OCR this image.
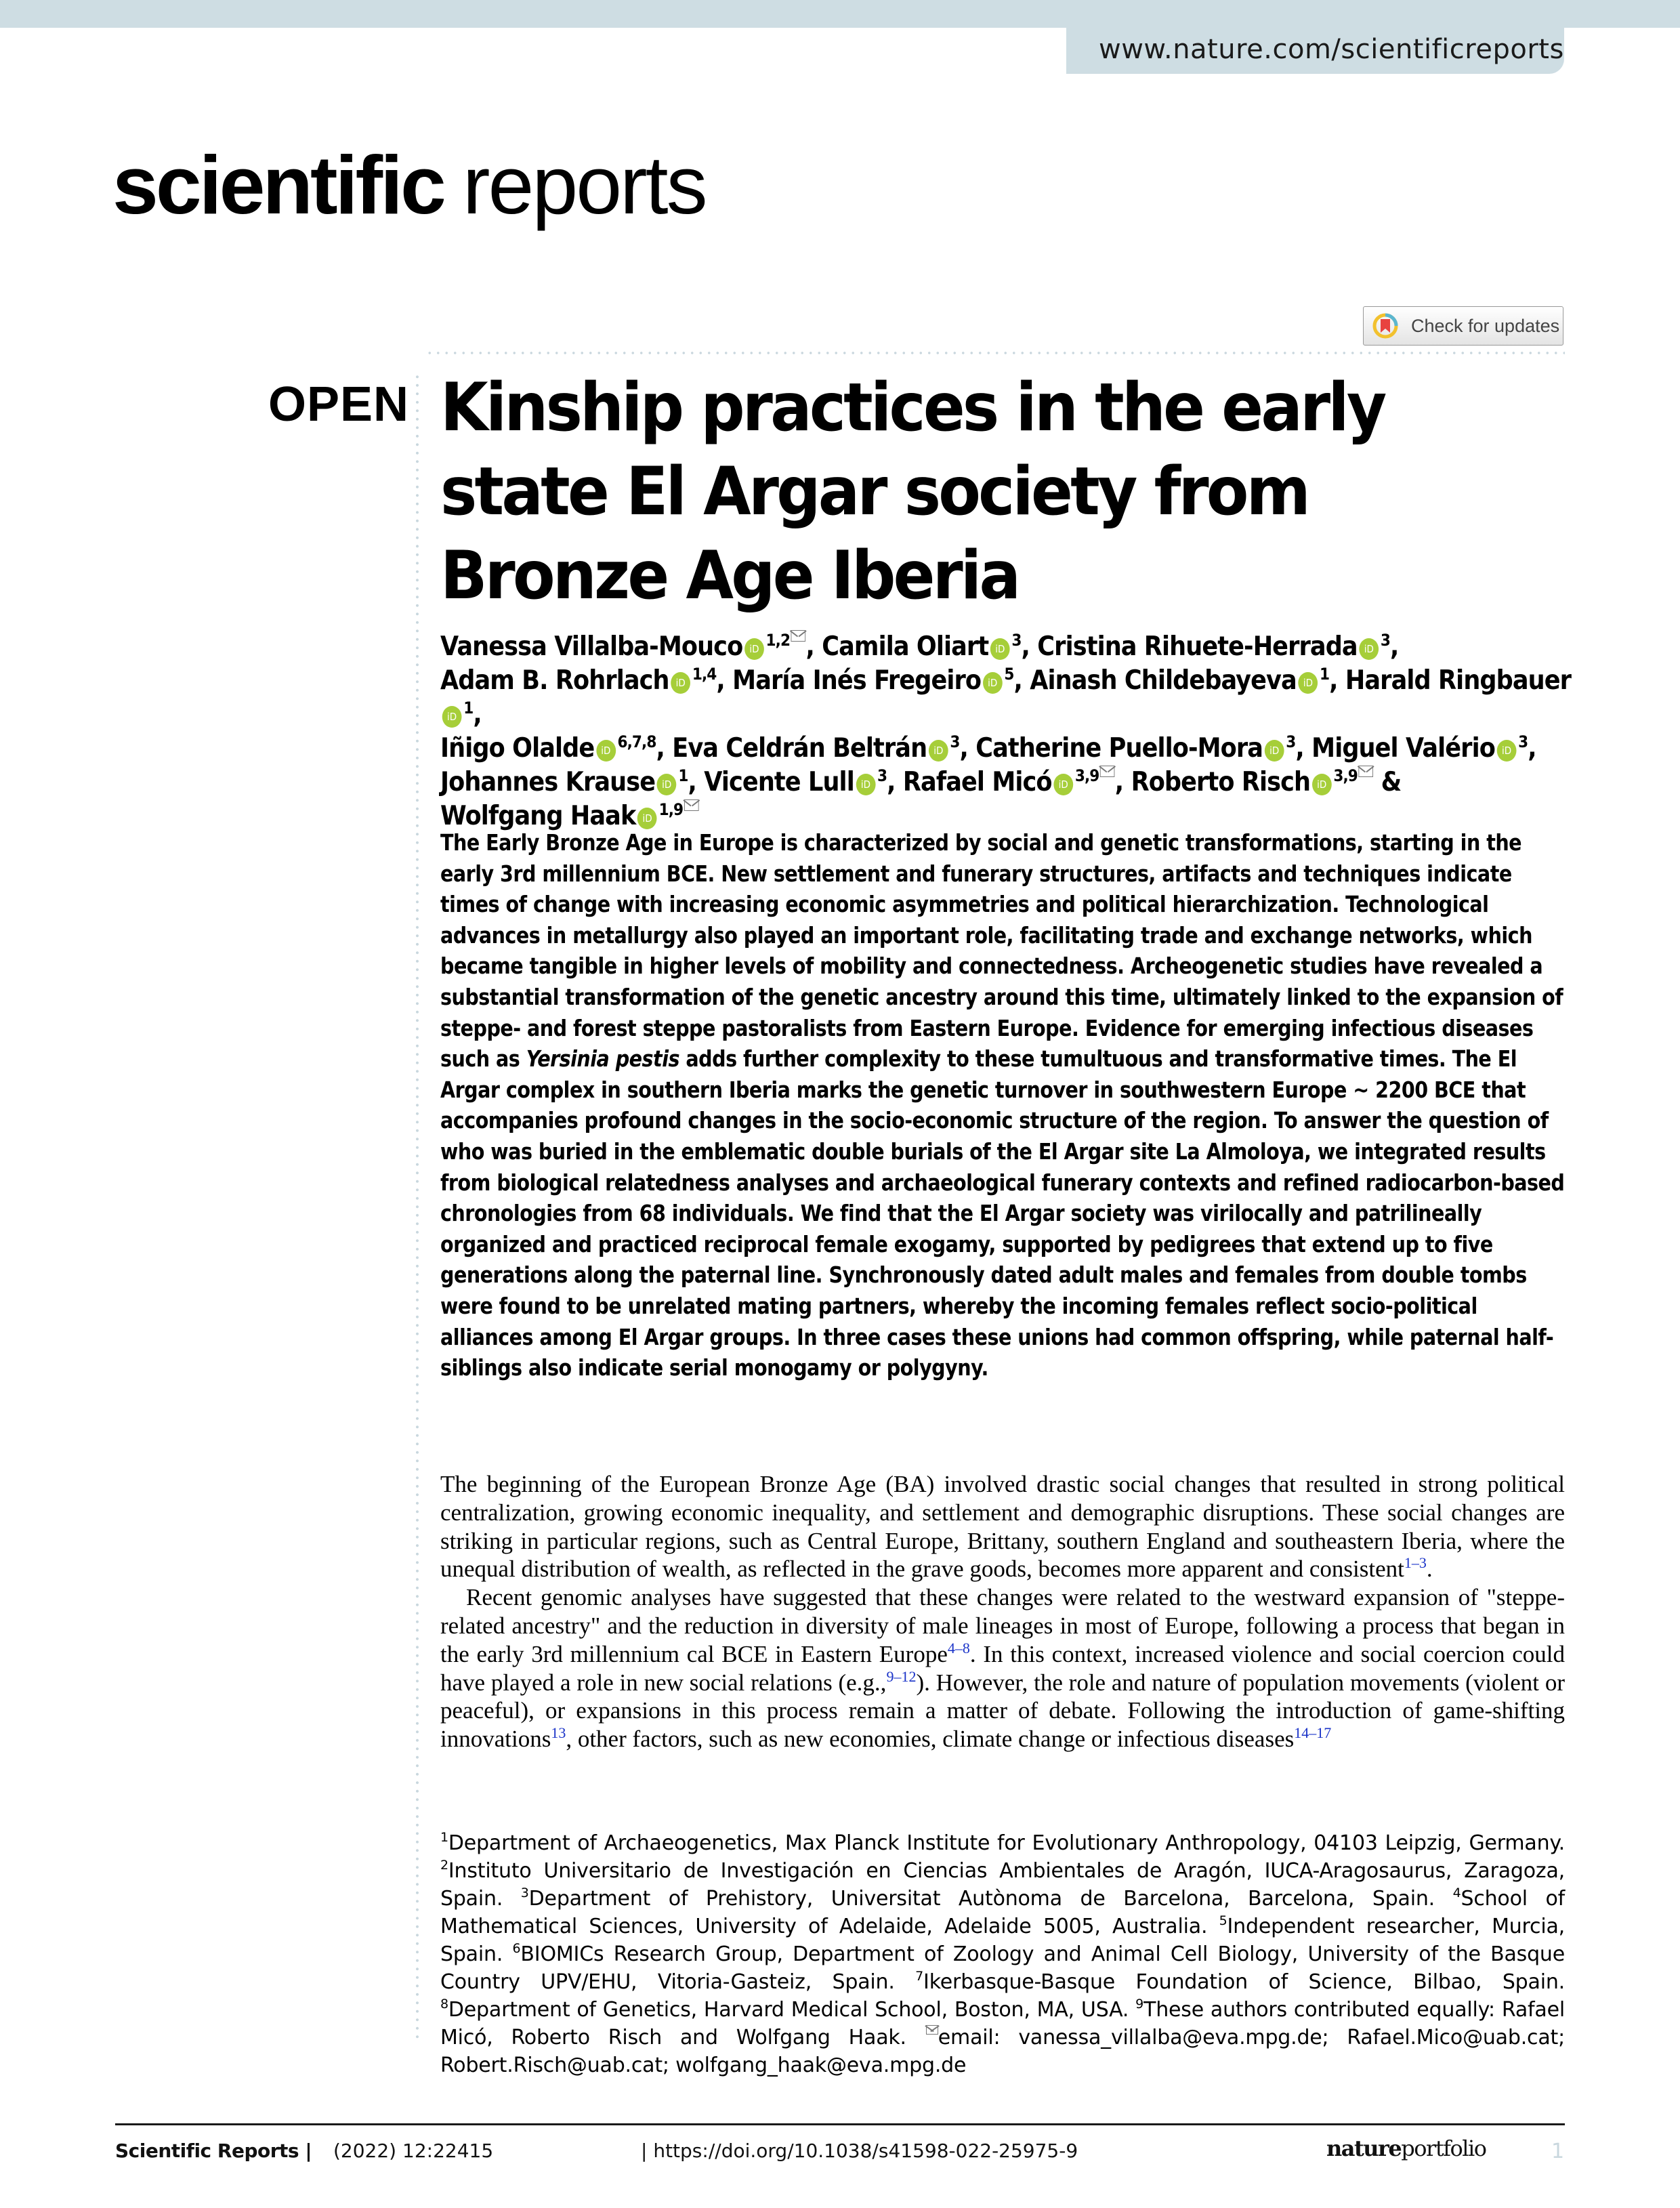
www.nature.com/scientificreports
scientific reports
Check for updates
OPEN Kinship practices in the early state El Argar society from Bronze Age Iberia
Vanessa Villalba-Mouco iD $^{1,2}$ , Camila Oliart iD $^3$, Cristina Rihuete-Herrada iD $^3$,
Adam B. Rohrlach iD $^{1,4}$, María Inés Fregeiro iD $^5$, Ainash Childebayeva iD $^1$, Harald RingbaueriD $^1$,
Iñigo Olalde iD $^{6,7,8}$, Eva Celdrán Beltrán iD $^3$, Catherine Puello-Mora iD $^3$, Miguel Valério iD $^3$,
Johannes Krause iD $^1$, Vicente Lull iD $^3$, Rafael Micó iD $^{3,9}$ , Roberto Risch iD $^{3,9}$ &
Wolfgang Haak iD $^{1,9}$
The Early Bronze Age in Europe is characterized by social and genetic transformations, starting in the early 3rd millennium BCE. New settlement and funerary structures, artifacts and techniques indicate times of change with increasing economic asymmetries and political hierarchization. Technological advances in metallurgy also played an important role, facilitating trade and exchange networks, which became tangible in higher levels of mobility and connectedness. Archeogenetic studies have revealed a substantial transformation of the genetic ancestry around this time, ultimately linked to the expansion of steppe- and forest steppe pastoralists from Eastern Europe. Evidence for emerging infectious diseases such as Yersinia pestis adds further complexity to these tumultuous and transformative times. The El Argar complex in southern Iberia marks the genetic turnover in southwestern Europe ~ 2200 BCE that accompanies profound changes in the socio-economic structure of the region. To answer the question of who was buried in the emblematic double burials of the El Argar site La Almoloya, we integrated results from biological relatedness analyses and archaeological funerary contexts and refined radiocarbon-based chronologies from 68 individuals. We find that the El Argar society was virilocally and patrilineally organized and practiced reciprocal female exogamy, supported by pedigrees that extend up to five generations along the paternal line. Synchronously dated adult males and females from double tombs were found to be unrelated mating partners, whereby the incoming females reflect socio-political alliances among El Argar groups. In three cases these unions had common offspring, while paternal half-siblings also indicate serial monogamy or polygyny.

The beginning of the European Bronze Age (BA) involved drastic social changes that resulted in strong political centralization, growing economic inequality, and settlement and demographic disruptions. These social changes are striking in particular regions, such as Central Europe, Brittany, southern England and southeastern Iberia, where the unequal distribution of wealth, as reflected in the grave goods, becomes more apparent and consistent$^{1-3}$.

Recent genomic analyses have suggested that these changes were related to the westward expansion of "steppe-related ancestry" and the reduction in diversity of male lineages in most of Europe, following a process that began in the early 3rd millennium cal BCE in Eastern Europe$^{4-8}$. In this context, increased violence and social coercion could have played a role in new social relations (e.g.,$^{9-12}$). However, the role and nature of population movements (violent or peaceful), or expansions in this process remain a matter of debate. Following the introduction of game-shifting innovations$^{13}$, other factors, such as new economies, climate change or infectious diseases$^{14-17}$

$^1$Department of Archaeogenetics, Max Planck Institute for Evolutionary Anthropology, 04103 Leipzig, Germany. $^2$Instituto Universitario de Investigación en Ciencias Ambientales de Aragón, IUCA-Aragosaurus, Zaragoza, Spain. $^3$Department of Prehistory, Universitat Autònoma de Barcelona, Barcelona, Spain. $^4$School of Mathematical Sciences, University of Adelaide, Adelaide 5005, Australia. $^5$Independent researcher, Murcia, Spain. $^6$BIOMICs Research Group, Department of Zoology and Animal Cell Biology, University of the Basque Country UPV/EHU, Vitoria-Gasteiz, Spain. $^7$Ikerbasque-Basque Foundation of Science, Bilbao, Spain. $^8$Department of Genetics, Harvard Medical School, Boston, MA, USA. $^9$These authors contributed equally: Rafael Micó, Roberto Risch and Wolfgang Haak. email: vanessa_villalba@eva.mpg.de; Rafael.Mico@uab.cat; Robert.Risch@uab.cat; wolfgang_haak@eva.mpg.de
Scientific Reports | (2022) 12:22415	| https://doi.org/10.1038/s41598-022-25975-9	natureportfolio	1
